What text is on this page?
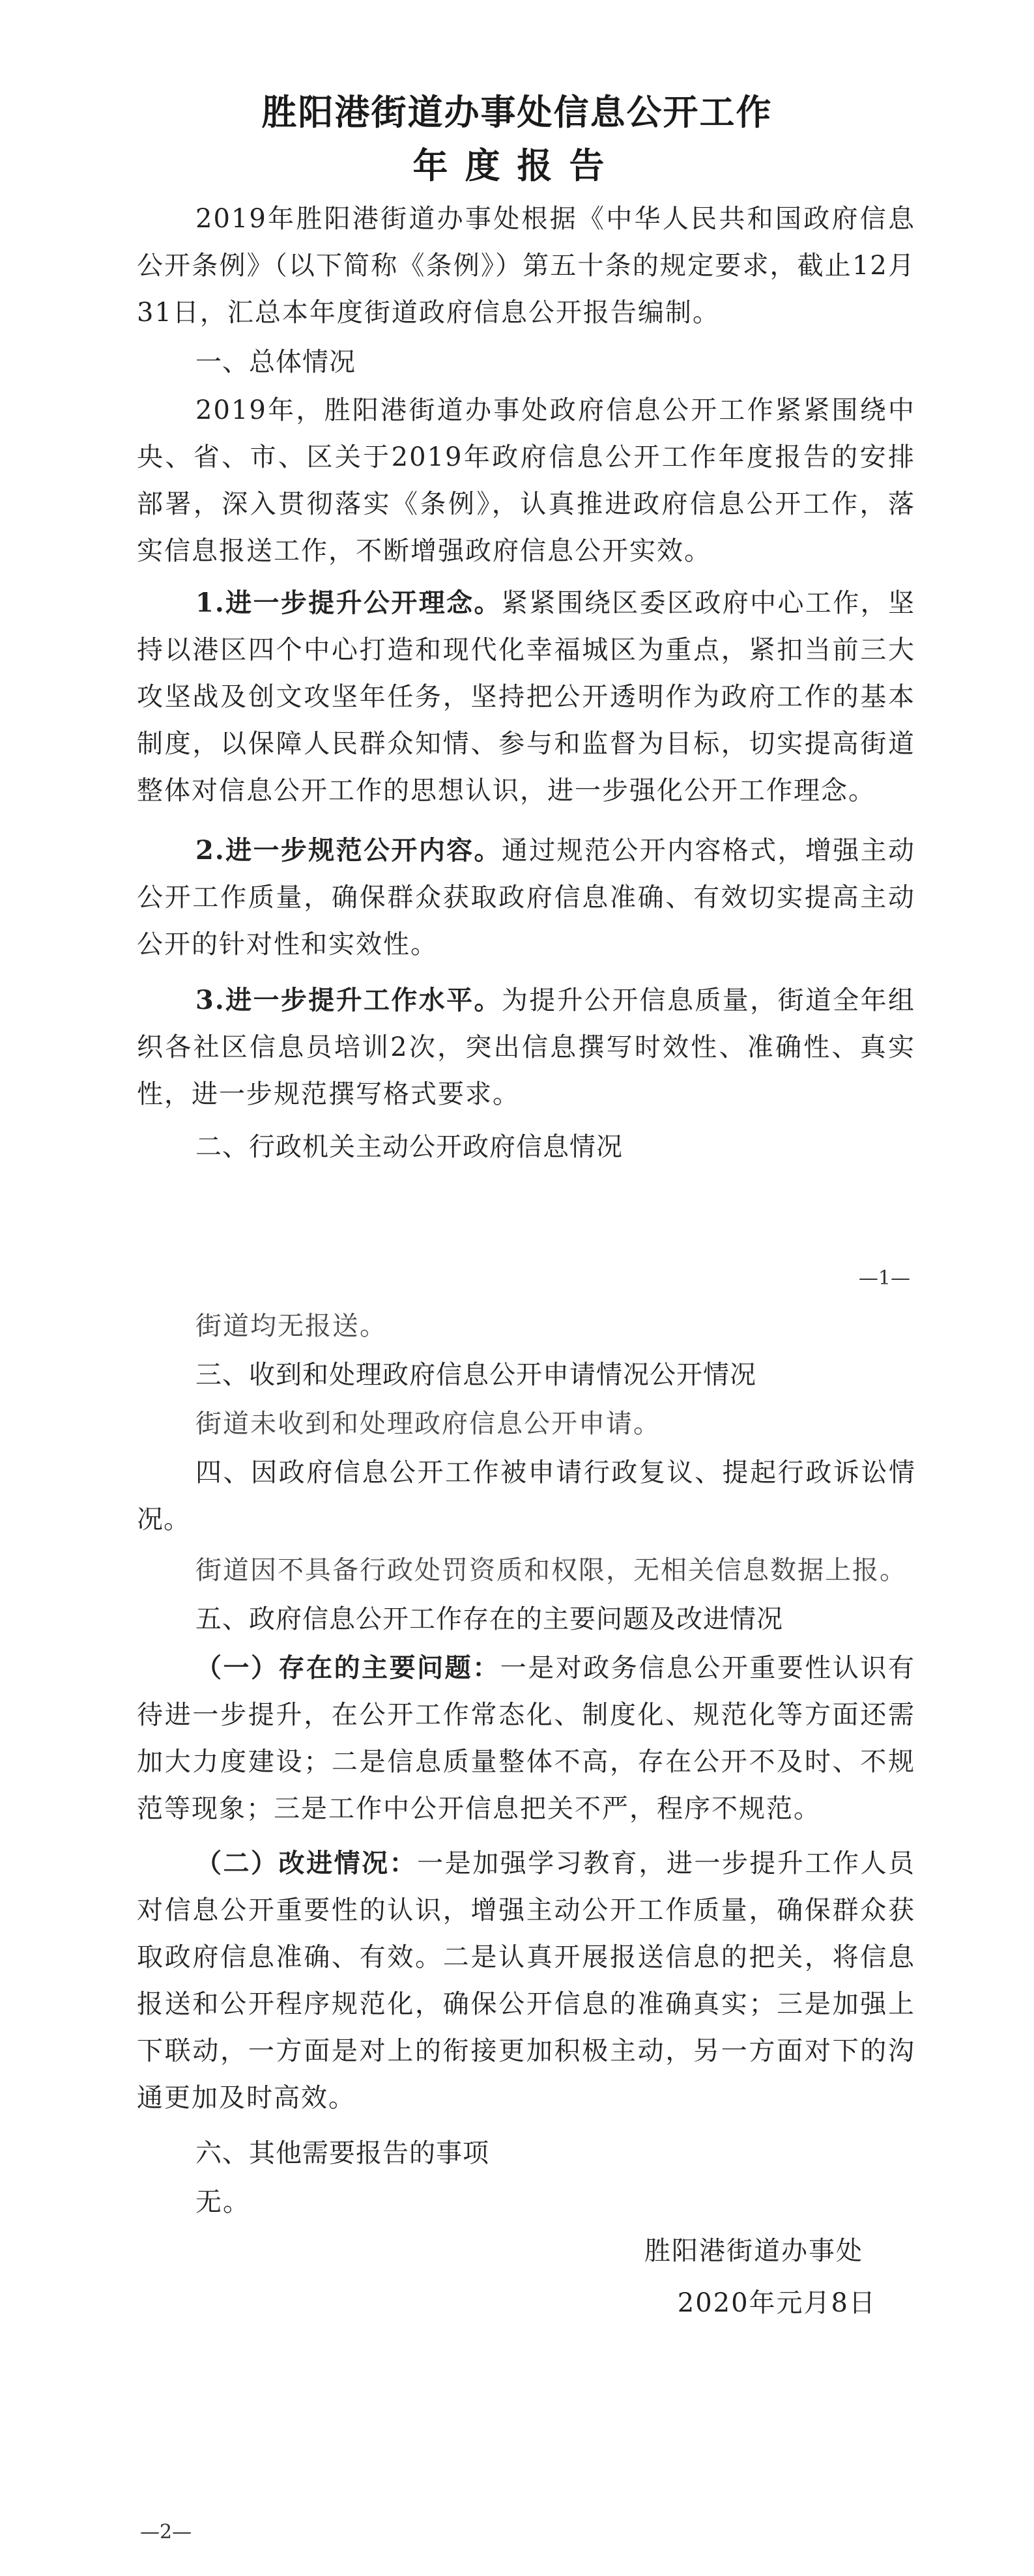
胜阳港街道办事处信息公开工作
年度报告

2019年胜阳港街道办事处根据《中华人民共和国政府信息公开条例》（以下简称《条例》）第五十条的规定要求，截止12月31日，汇总本年度街道政府信息公开报告编制。

一、总体情况

2019年，胜阳港街道办事处政府信息公开工作紧紧围绕中央、省、市、区关于2019年政府信息公开工作年度报告的安排部署，深入贯彻落实《条例》，认真推进政府信息公开工作，落实信息报送工作，不断增强政府信息公开实效。

1.进一步提升公开理念。紧紧围绕区委区政府中心工作，坚持以港区四个中心打造和现代化幸福城区为重点，紧扣当前三大攻坚战及创文攻坚年任务，坚持把公开透明作为政府工作的基本制度，以保障人民群众知情、参与和监督为目标，切实提高街道整体对信息公开工作的思想认识，进一步强化公开工作理念。

2.进一步规范公开内容。通过规范公开内容格式，增强主动公开工作质量，确保群众获取政府信息准确、有效切实提高主动公开的针对性和实效性。

3.进一步提升工作水平。为提升公开信息质量，街道全年组织各社区信息员培训2次，突出信息撰写时效性、准确性、真实性，进一步规范撰写格式要求。

二、行政机关主动公开政府信息情况

—1—

街道均无报送。

三、收到和处理政府信息公开申请情况公开情况

街道未收到和处理政府信息公开申请。

四、因政府信息公开工作被申请行政复议、提起行政诉讼情况。

街道因不具备行政处罚资质和权限，无相关信息数据上报。

五、政府信息公开工作存在的主要问题及改进情况

（一）存在的主要问题：一是对政务信息公开重要性认识有待进一步提升，在公开工作常态化、制度化、规范化等方面还需加大力度建设；二是信息质量整体不高，存在公开不及时、不规范等现象；三是工作中公开信息把关不严，程序不规范。

（二）改进情况：一是加强学习教育，进一步提升工作人员对信息公开重要性的认识，增强主动公开工作质量，确保群众获取政府信息准确、有效。二是认真开展报送信息的把关，将信息报送和公开程序规范化，确保公开信息的准确真实；三是加强上下联动，一方面是对上的衔接更加积极主动，另一方面对下的沟通更加及时高效。

六、其他需要报告的事项

无。

胜阳港街道办事处

2020年元月8日

—2—
